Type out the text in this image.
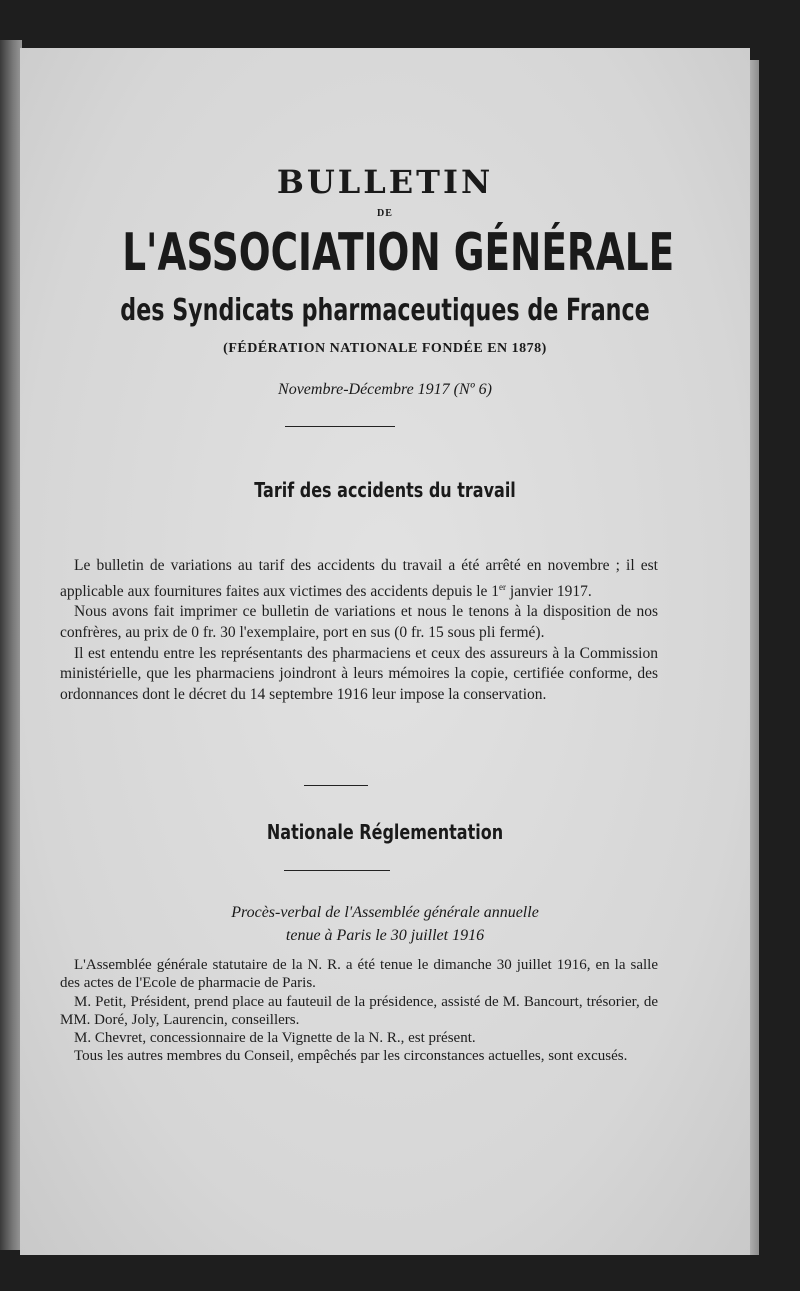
BULLETIN
DE
L'ASSOCIATION GÉNÉRALE
des Syndicats pharmaceutiques de France
(FÉDÉRATION NATIONALE FONDÉE EN 1878)
Novembre-Décembre 1917 (Nº 6)
Tarif des accidents du travail

Le bulletin de variations au tarif des accidents du travail a été arrêté en novembre ; il est applicable aux fournitures faites aux victimes des accidents depuis le 1er janvier 1917.

Nous avons fait imprimer ce bulletin de variations et nous le tenons à la disposition de nos confrères, au prix de 0 fr. 30 l'exemplaire, port en sus (0 fr. 15 sous pli fermé).

Il est entendu entre les représentants des pharmaciens et ceux des assureurs à la Commission ministérielle, que les pharmaciens joindront à leurs mémoires la copie, certifiée conforme, des ordonnances dont le décret du 14 septembre 1916 leur impose la conservation.

Nationale Réglementation
Procès-verbal de l'Assemblée générale annuelle
tenue à Paris le 30 juillet 1916

L'Assemblée générale statutaire de la N. R. a été tenue le dimanche 30 juillet 1916, en la salle des actes de l'Ecole de pharmacie de Paris.

M. Petit, Président, prend place au fauteuil de la présidence, assisté de M. Bancourt, trésorier, de MM. Doré, Joly, Laurencin, conseillers.

M. Chevret, concessionnaire de la Vignette de la N. R., est présent.

Tous les autres membres du Conseil, empêchés par les circonstances actuelles, sont excusés.
